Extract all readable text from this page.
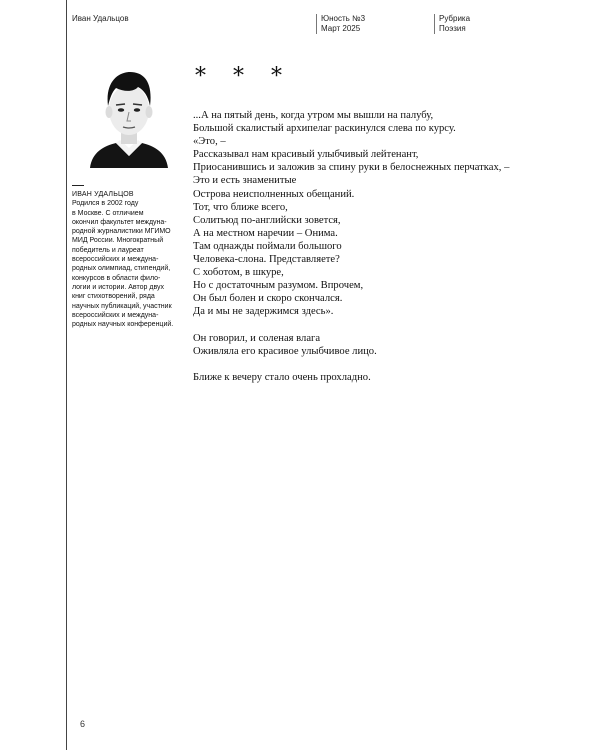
Иван Удальцов	Юность №3
Март 2025
Рубрика
Поэзия
ИВАН УДАЛЬЦОВ
Родился в 2002 году
в Москве. С отличием
окончил факультет междуна-
родной журналистики МГИМО
МИД России. Многократный
победитель и лауреат
всероссийских и междуна-
родных олимпиад, стипендий,
конкурсов в области фило-
логии и истории. Автор двух
книг стихотворений, ряда
научных публикаций, участник
всероссийских и междуна-
родных научных конференций.
* * *
...А на пятый день, когда утром мы вышли на палубу,
Большой скалистый архипелаг раскинулся слева по курсу.
«Это, –
Рассказывал нам красивый улыбчивый лейтенант,
Приосанившись и заложив за спину руки в белоснежных перчатках, –
Это и есть знаменитые
Острова неисполненных обещаний.
Тот, что ближе всего,
Солитьюд по-английски зовется,
А на местном наречии – Онима.
Там однажды поймали большого
Человека-слона. Представляете?
С хоботом, в шкуре,
Но с достаточным разумом. Впрочем,
Он был болен и скоро скончался.
Да и мы не задержимся здесь».
Он говорил, и соленая влага
Оживляла его красивое улыбчивое лицо.
Ближе к вечеру стало очень прохладно.
6
